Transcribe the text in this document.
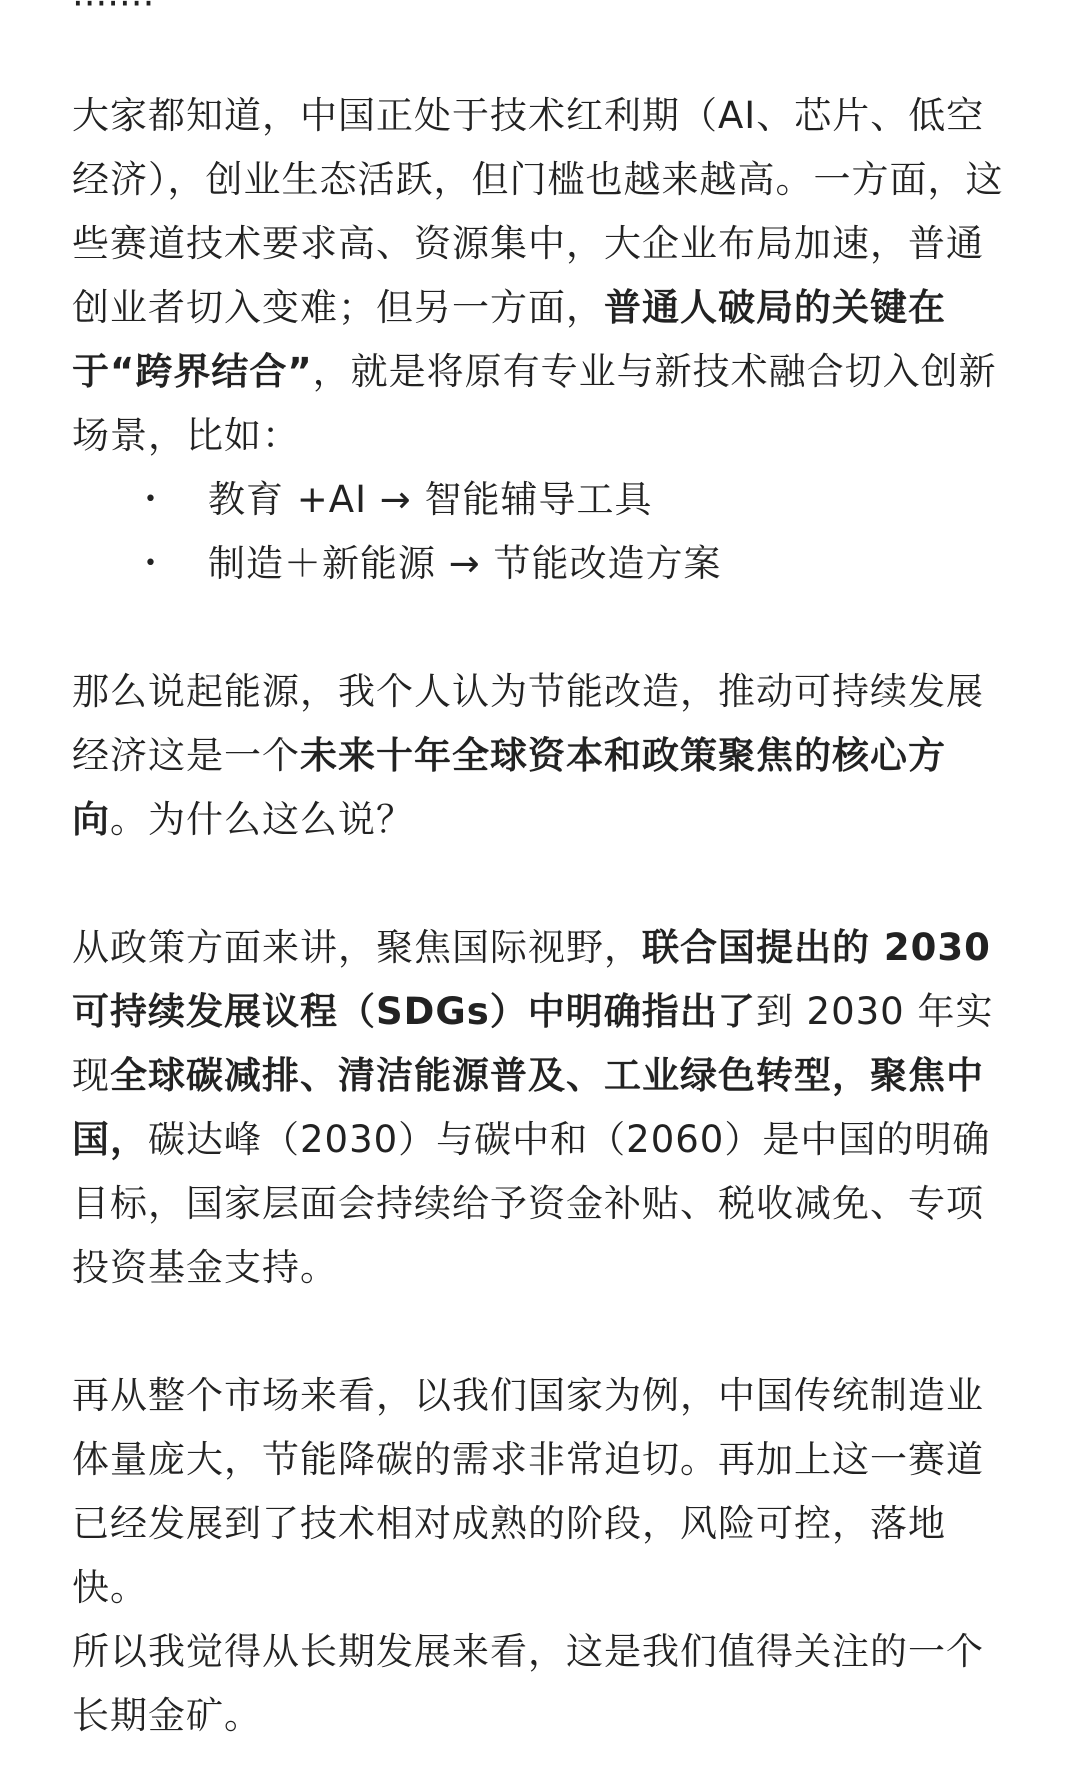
·······

大家都知道，中国正处于技术红利期（AI、芯片、低空经济），创业生态活跃，但门槛也越来越高。一方面，这些赛道技术要求高、资源集中，大企业布局加速，普通创业者切入变难；但另一方面，普通人破局的关键在于“跨界结合”，就是将原有专业与新技术融合切入创新场景，比如：

• 教育 +AI → 智能辅导工具
• 制造＋新能源 → 节能改造方案

那么说起能源，我个人认为节能改造，推动可持续发展经济这是一个未来十年全球资本和政策聚焦的核心方向。为什么这么说？

从政策方面来讲，聚焦国际视野，联合国提出的 2030 可持续发展议程（SDGs）中明确指出了到 2030 年实现全球碳减排、清洁能源普及、工业绿色转型，聚焦中国，碳达峰（2030）与碳中和（2060）是中国的明确目标，国家层面会持续给予资金补贴、税收减免、专项投资基金支持。

再从整个市场来看，以我们国家为例，中国传统制造业体量庞大，节能降碳的需求非常迫切。再加上这一赛道已经发展到了技术相对成熟的阶段，风险可控，落地快。

所以我觉得从长期发展来看，这是我们值得关注的一个长期金矿。
